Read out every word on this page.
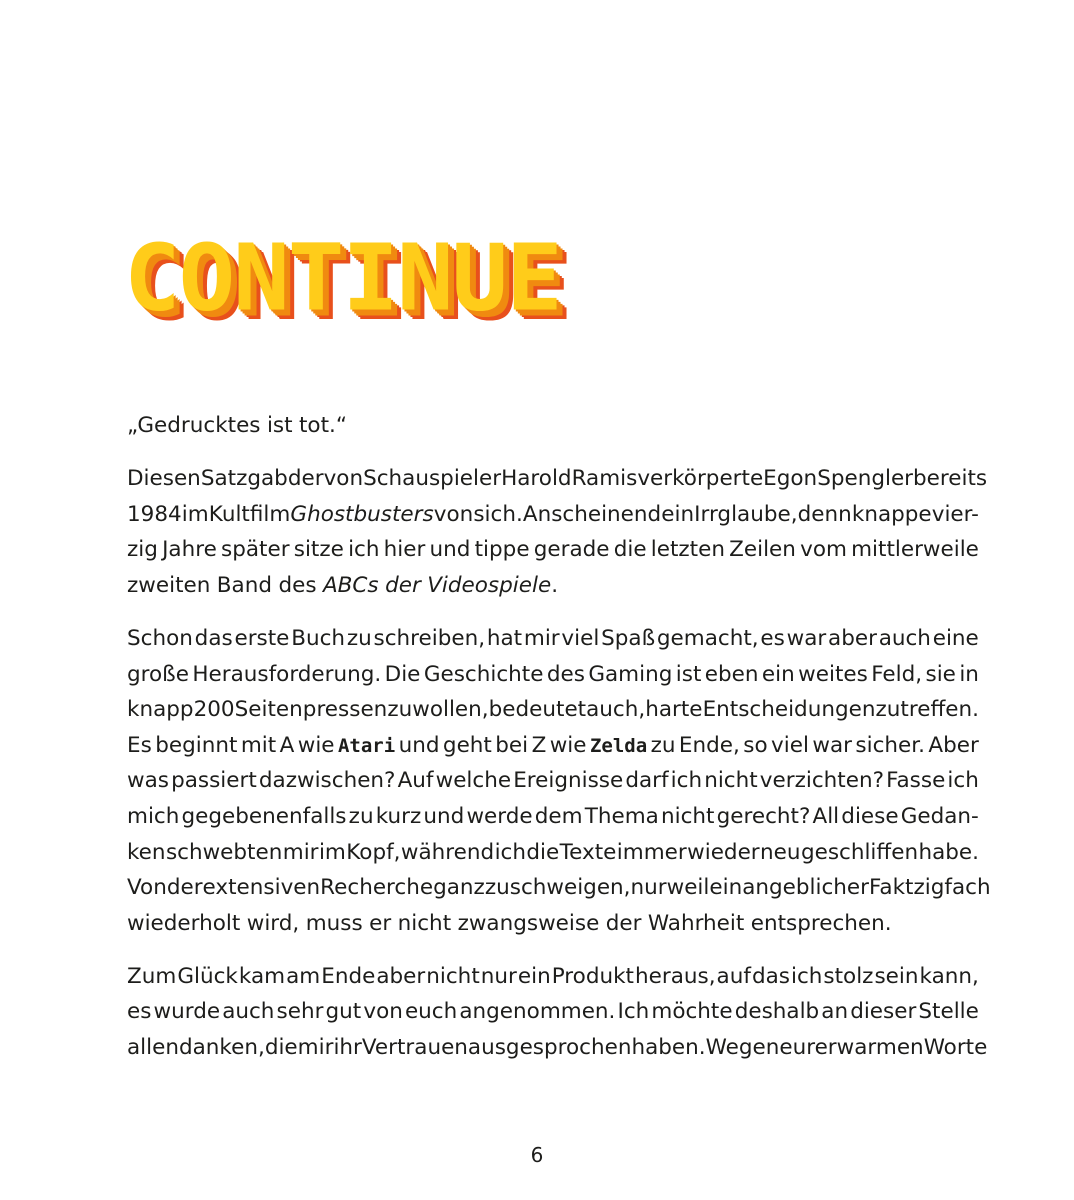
CONTINUE
„Gedrucktes ist tot.“
Diesen Satz gab der von Schauspieler Harold Ramis verkörperte Egon Spengler bereits
1984 im Kultfilm Ghostbusters von sich. Anscheinend ein Irrglaube, denn knappe vier-
zig Jahre später sitze ich hier und tippe gerade die letzten Zeilen vom mittlerweile
zweiten Band des ABCs der Videospiele.
Schon das erste Buch zu schreiben, hat mir viel Spaß gemacht, es war aber auch eine
große Herausforderung. Die Geschichte des Gaming ist eben ein weites Feld, sie in
knapp 200 Seiten pressen zu wollen, bedeutet auch, harte Entscheidungen zu treffen.
Es beginnt mit A wie Atari und geht bei Z wie Zelda zu Ende, so viel war sicher. Aber
was passiert dazwischen? Auf welche Ereignisse darf ich nicht verzichten? Fasse ich
mich gegebenenfalls zu kurz und werde dem Thema nicht gerecht? All diese Gedan-
ken schwebten mir im Kopf, während ich die Texte immer wieder neu geschliffen habe.
Von der extensiven Recherche ganz zu schweigen, nur weil ein angeblicher Fakt zigfach
wiederholt wird, muss er nicht zwangsweise der Wahrheit entsprechen.
Zum Glück kam am Ende aber nicht nur ein Produkt heraus, auf das ich stolz sein kann,
es wurde auch sehr gut von euch angenommen. Ich möchte deshalb an dieser Stelle
allen danken, die mir ihr Vertrauen ausgesprochen haben. Wegen eurer warmen Worte
6
